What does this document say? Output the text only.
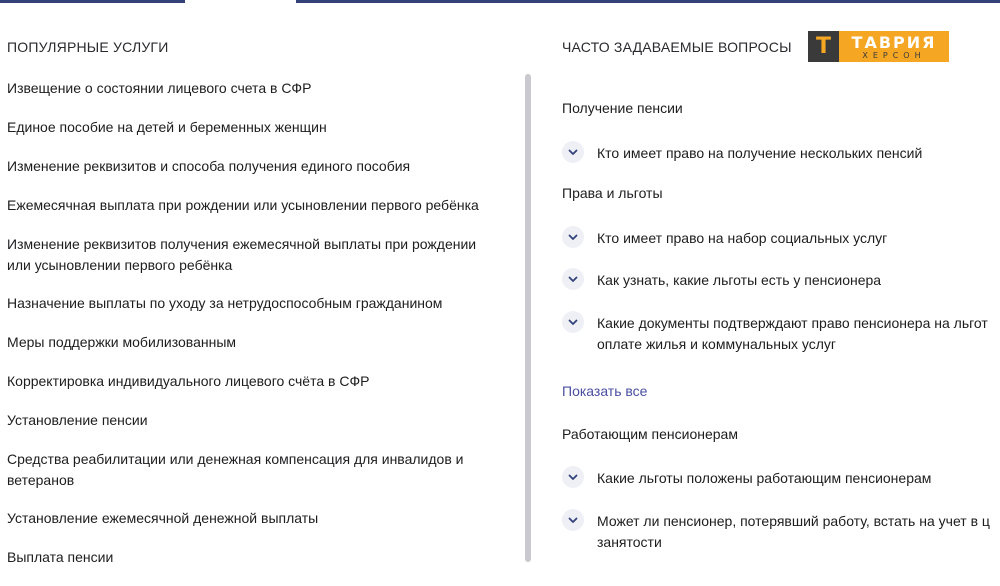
ПОПУЛЯРНЫЕ УСЛУГИ
Извещение о состоянии лицевого счета в СФР
Единое пособие на детей и беременных женщин
Изменение реквизитов и способа получения единого пособия
Ежемесячная выплата при рождении или усыновлении первого ребёнка
Изменение реквизитов получения ежемесячной выплаты при рождении или усыновлении первого ребёнка
Назначение выплаты по уходу за нетрудоспособным гражданином
Меры поддержки мобилизованным
Корректировка индивидуального лицевого счёта в СФР
Установление пенсии
Средства реабилитации или денежная компенсация для инвалидов и ветеранов
Установление ежемесячной денежной выплаты
Выплата пенсии
ЧАСТО ЗАДАВАЕМЫЕ ВОПРОСЫ	Т	ТАВРИЯ
ХЕРСОН
Получение пенсии
Кто имеет право на получение нескольких пенсий
Права и льготы
Кто имеет право на набор социальных услуг
Как узнать, какие льготы есть у пенсионера
Какие документы подтверждают право пенсионера на льгот оплате жилья и коммунальных услуг
Показать все
Работающим пенсионерам
Какие льготы положены работающим пенсионерам
Может ли пенсионер, потерявший работу, встать на учет в ц занятости
